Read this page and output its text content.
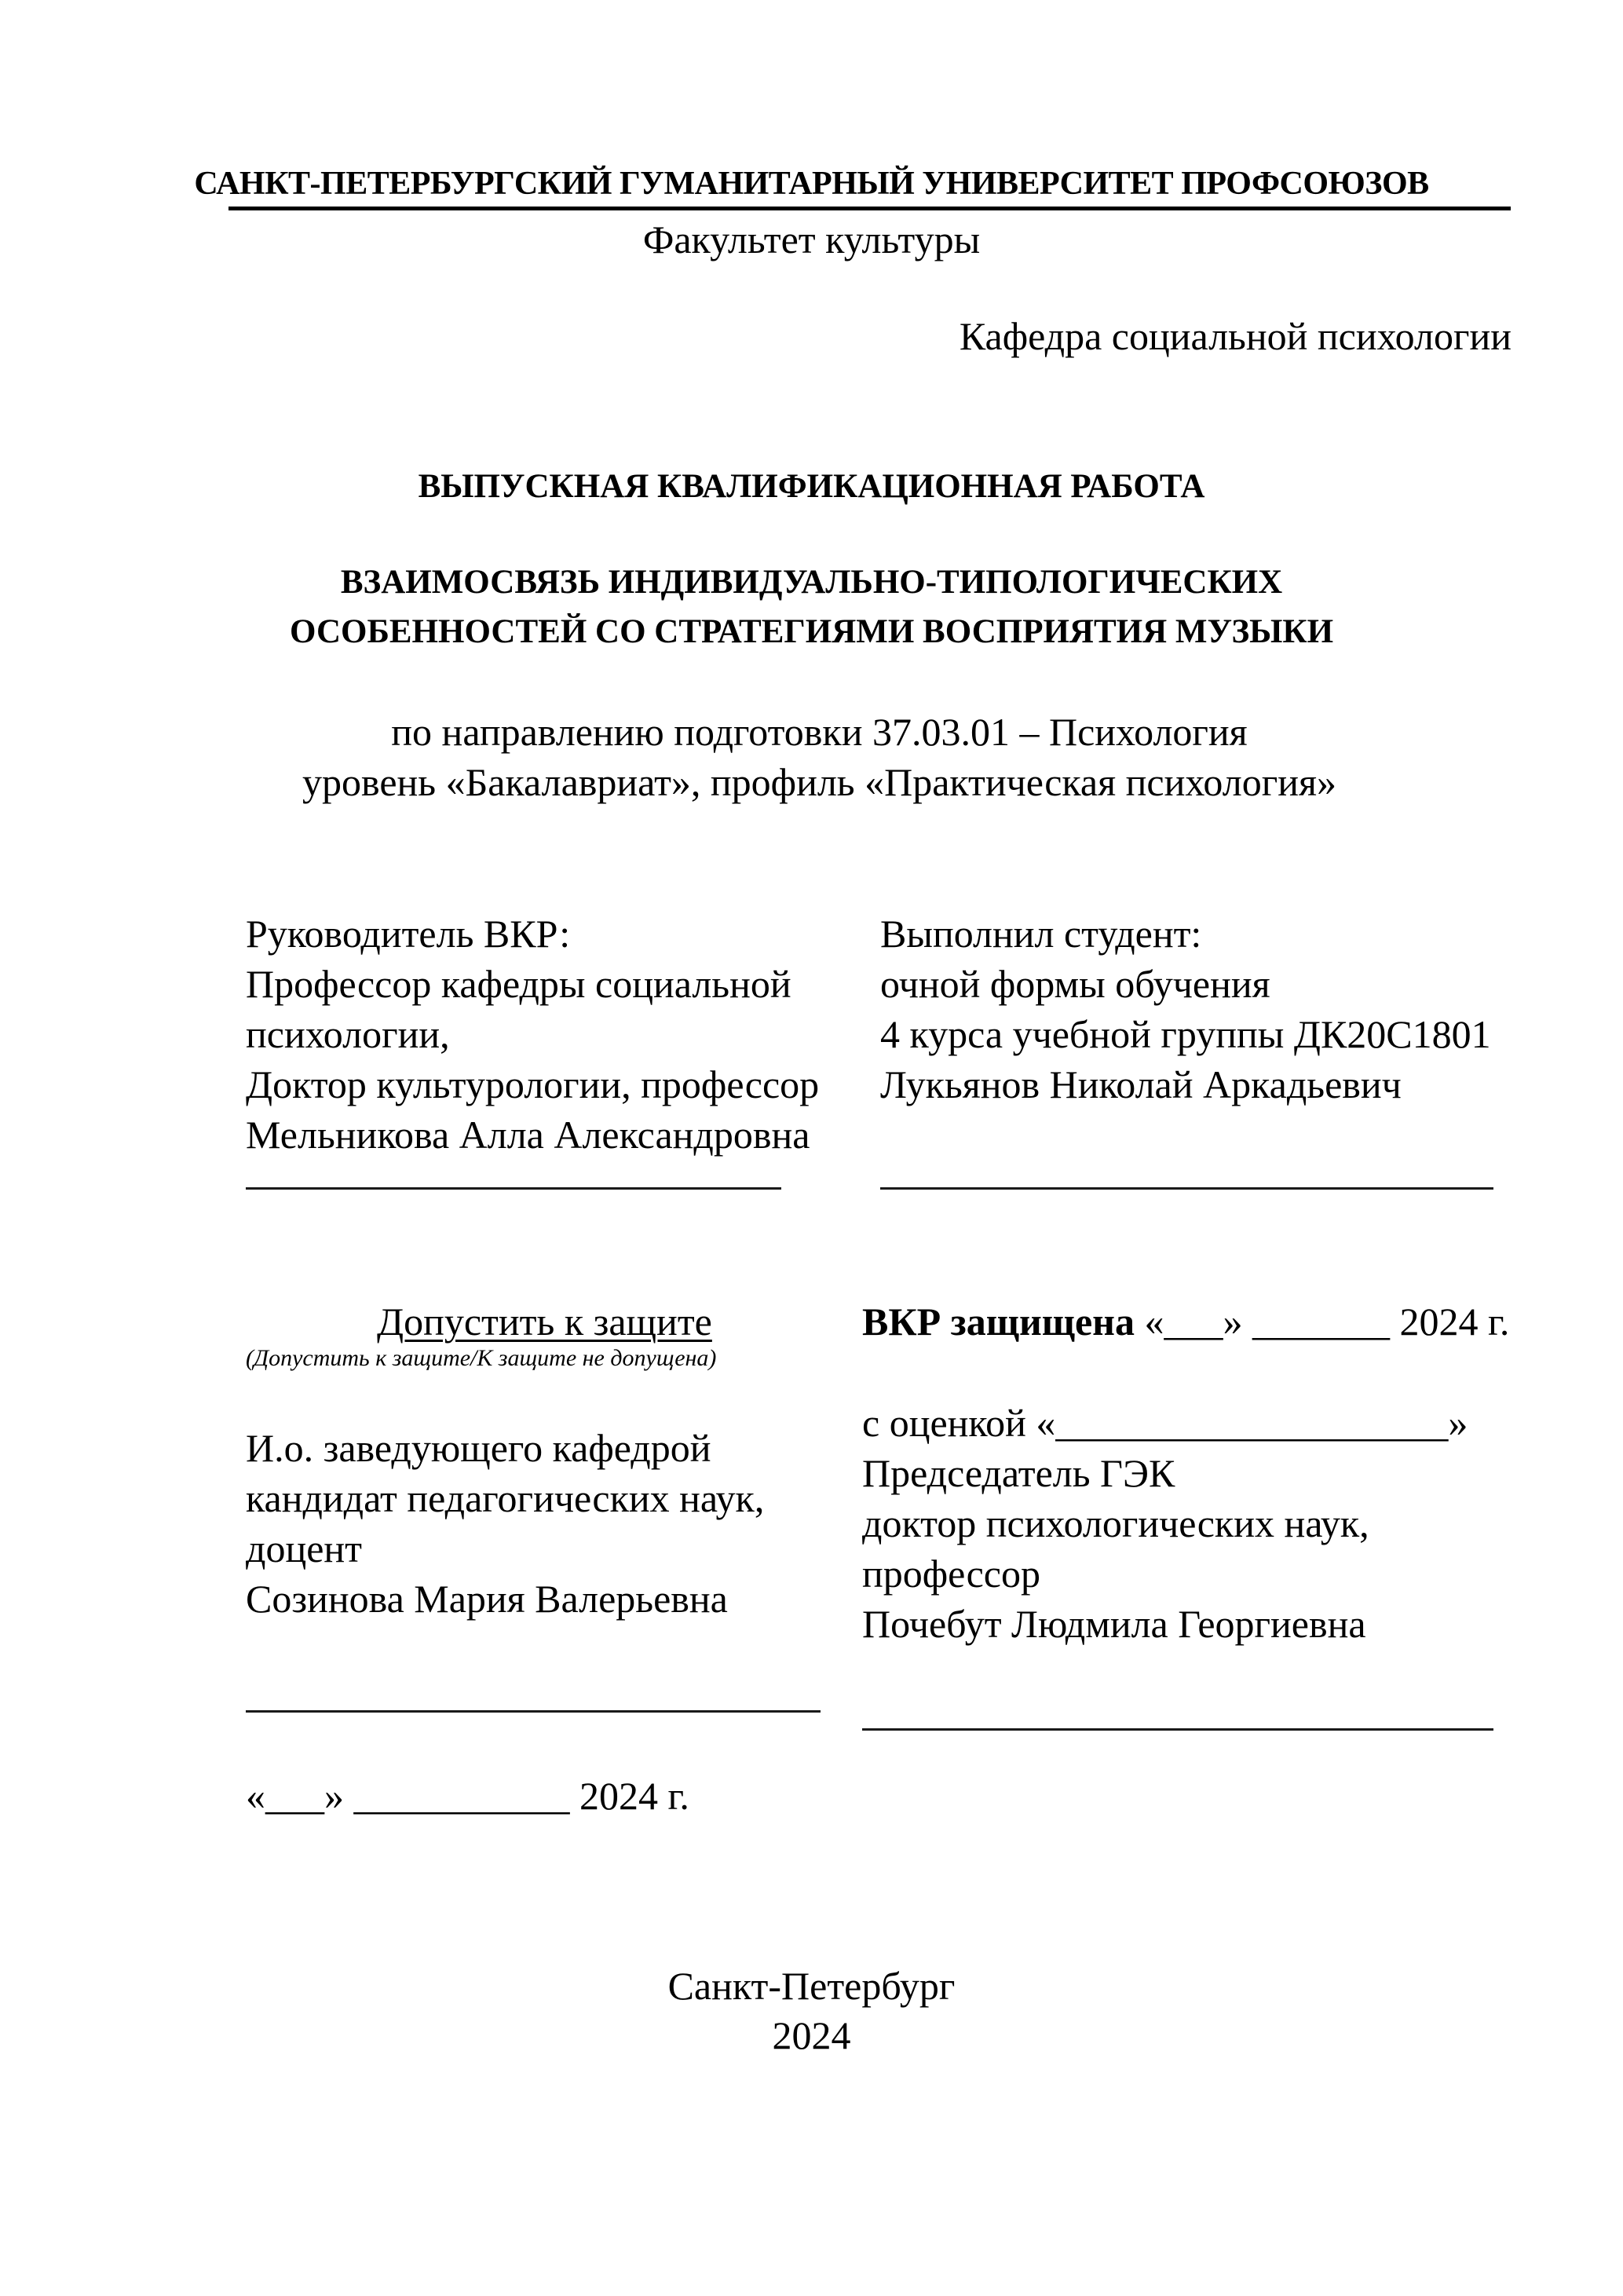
САНКТ-ПЕТЕРБУРГСКИЙ ГУМАНИТАРНЫЙ УНИВЕРСИТЕТ ПРОФСОЮЗОВ
Факультет культуры
Кафедра социальной психологии
ВЫПУСКНАЯ КВАЛИФИКАЦИОННАЯ РАБОТА
ВЗАИМОСВЯЗЬ ИНДИВИДУАЛЬНО-ТИПОЛОГИЧЕСКИХ
ОСОБЕННОСТЕЙ СО СТРАТЕГИЯМИ ВОСПРИЯТИЯ МУЗЫКИ
по направлению подготовки 37.03.01 – Психология
уровень «Бакалавриат», профиль «Практическая психология»
Руководитель ВКР:
Профессор кафедры социальной
психологии,
Доктор культурологии, профессор
Мельникова Алла Александровна
Выполнил студент:
очной формы обучения
4 курса учебной группы ДК20С1801
Лукьянов Николай Аркадьевич
Допустить к защите
(Допустить к защите/К защите не допущена)
И.о. заведующего кафедрой
кандидат педагогических наук,
доцент
Созинова Мария Валерьевна
«___» ___________ 2024 г.
ВКР защищена «___» _______ 2024 г.
с оценкой «____________________»
Председатель ГЭК
доктор психологических наук,
профессор
Почебут Людмила Георгиевна
Санкт-Петербург
2024
